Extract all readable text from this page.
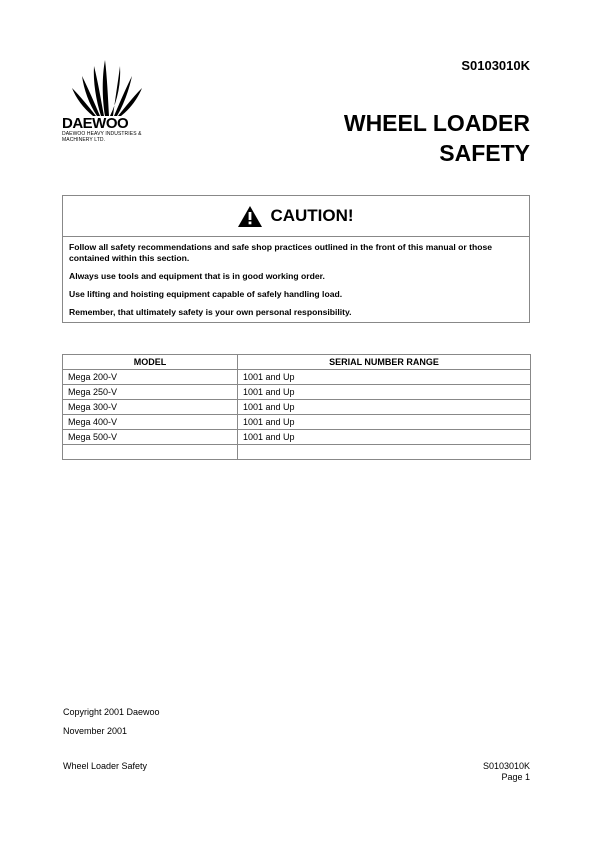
S0103010K
DAEWOO
DAEWOO HEAVY INDUSTRIES &
MACHINERY LTD.
WHEEL LOADER
SAFETY
CAUTION!

Follow all safety recommendations and safe shop practices outlined in the front of this manual or those contained within this section.

Always use tools and equipment that is in good working order.

Use lifting and hoisting equipment capable of safely handling load.

Remember, that ultimately safety is your own personal responsibility.

MODEL	SERIAL NUMBER RANGE
Mega 200-V	1001 and Up
Mega 250-V	1001 and Up
Mega 300-V	1001 and Up
Mega 400-V	1001 and Up
Mega 500-V	1001 and Up

Copyright 2001 Daewoo
November 2001
Wheel Loader Safety	S0103010K
Page 1
